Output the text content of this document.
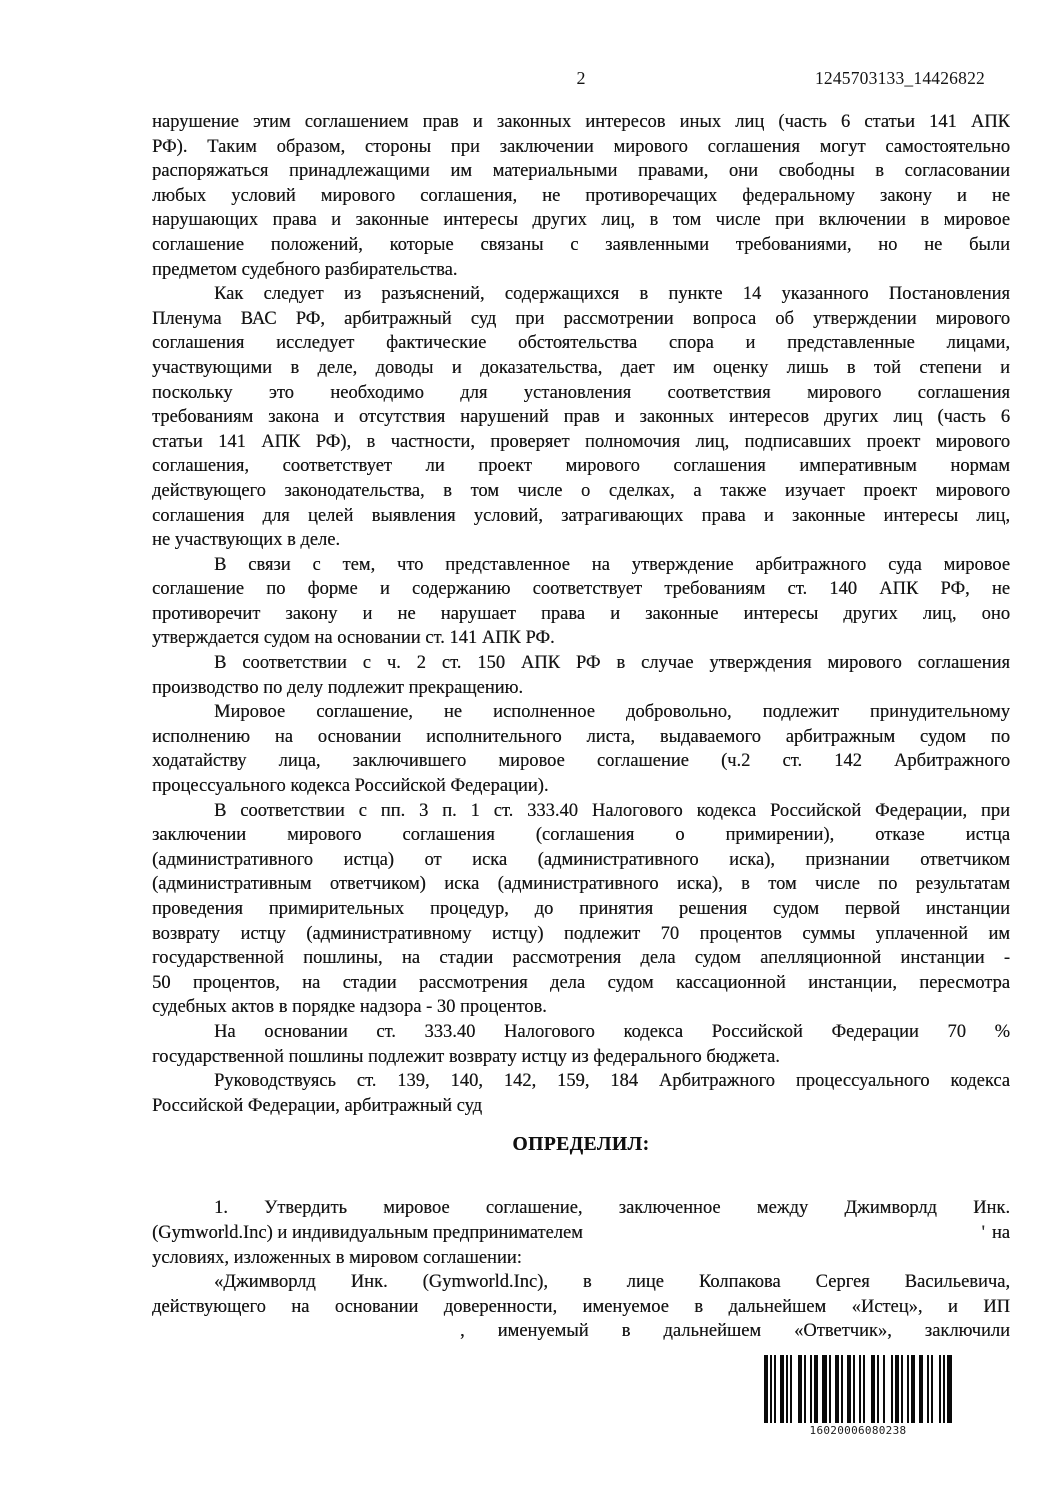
2	1245703133_14426822
нарушение этим соглашением прав и законных интересов иных лиц (часть 6 статьи 141 АПК
РФ). Таким образом, стороны при заключении мирового соглашения могут самостоятельно
распоряжаться принадлежащими им материальными правами, они свободны в согласовании
любых условий мирового соглашения, не противоречащих федеральному закону и не
нарушающих права и законные интересы других лиц, в том числе при включении в мировое
соглашение положений, которые связаны с заявленными требованиями, но не были
предметом судебного разбирательства.
Как следует из разъяснений, содержащихся в пункте 14 указанного Постановления
Пленума ВАС РФ, арбитражный суд при рассмотрении вопроса об утверждении мирового
соглашения исследует фактические обстоятельства спора и представленные лицами,
участвующими в деле, доводы и доказательства, дает им оценку лишь в той степени и
поскольку это необходимо для установления соответствия мирового соглашения
требованиям закона и отсутствия нарушений прав и законных интересов других лиц (часть 6
статьи 141 АПК РФ), в частности, проверяет полномочия лиц, подписавших проект мирового
соглашения, соответствует ли проект мирового соглашения императивным нормам
действующего законодательства, в том числе о сделках, а также изучает проект мирового
соглашения для целей выявления условий, затрагивающих права и законные интересы лиц,
не участвующих в деле.
В связи с тем, что представленное на утверждение арбитражного суда мировое
соглашение по форме и содержанию соответствует требованиям ст. 140 АПК РФ, не
противоречит закону и не нарушает права и законные интересы других лиц, оно
утверждается судом на основании ст. 141 АПК РФ.
В соответствии с ч. 2 ст. 150 АПК РФ в случае утверждения мирового соглашения
производство по делу подлежит прекращению.
Мировое соглашение, не исполненное добровольно, подлежит принудительному
исполнению на основании исполнительного листа, выдаваемого арбитражным судом по
ходатайству лица, заключившего мировое соглашение (ч.2 ст. 142 Арбитражного
процессуального кодекса Российской Федерации).
В соответствии с пп. 3 п. 1 ст. 333.40 Налогового кодекса Российской Федерации, при
заключении мирового соглашения (соглашения о примирении), отказе истца
(административного истца) от иска (административного иска), признании ответчиком
(административным ответчиком) иска (административного иска), в том числе по результатам
проведения примирительных процедур, до принятия решения судом первой инстанции
возврату истцу (административному истцу) подлежит 70 процентов суммы уплаченной им
государственной пошлины, на стадии рассмотрения дела судом апелляционной инстанции -
50 процентов, на стадии рассмотрения дела судом кассационной инстанции, пересмотра
судебных актов в порядке надзора - 30 процентов.
На основании ст. 333.40 Налогового кодекса Российской Федерации 70 %
государственной пошлины подлежит возврату истцу из федерального бюджета.
Руководствуясь ст. 139, 140, 142, 159, 184 Арбитражного процессуального кодекса
Российской Федерации, арбитражный суд
ОПРЕДЕЛИЛ:
1. Утвердить мировое соглашение, заключенное между Джимворлд Инк.
(Gymworld.Inc) и индивидуальным предпринимателем	' на
условиях, изложенных в мировом соглашении:
«Джимворлд Инк. (Gymworld.Inc), в лице Колпакова Сергея Васильевича,
действующего на основании доверенности, именуемое в дальнейшем «Истец», и ИП
, именуемый в дальнейшем «Ответчик», заключили
16020006080238
